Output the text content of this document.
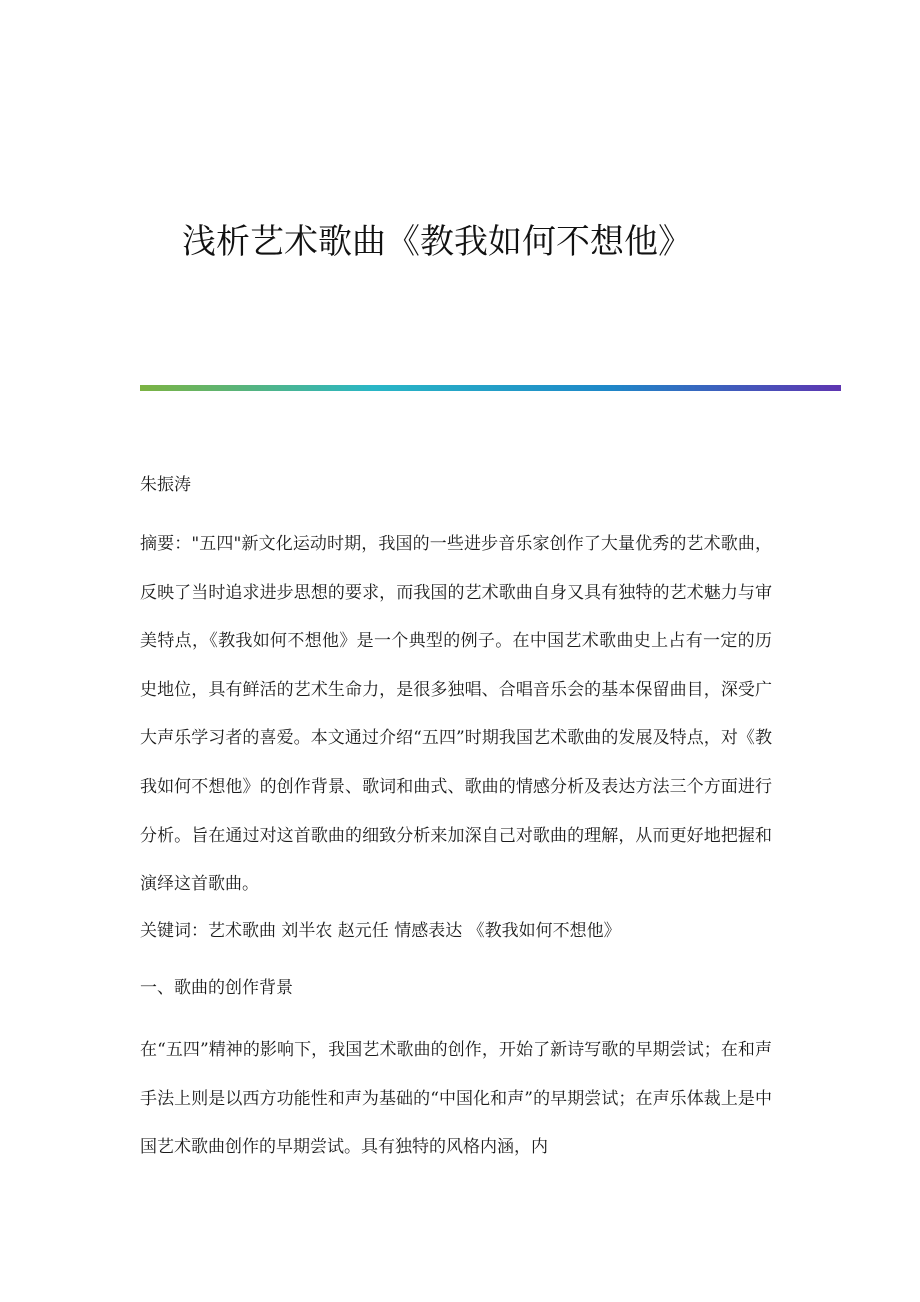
浅析艺术歌曲《教我如何不想他》
朱振涛
摘要："五四"新文化运动时期，我国的一些进步音乐家创作了大量优秀的艺术歌曲，反映了当时追求进步思想的要求，而我国的艺术歌曲自身又具有独特的艺术魅力与审美特点，《教我如何不想他》是一个典型的例子。在中国艺术歌曲史上占有一定的历史地位，具有鲜活的艺术生命力，是很多独唱、合唱音乐会的基本保留曲目，深受广大声乐学习者的喜爱。本文通过介绍“五四”时期我国艺术歌曲的发展及特点，对《教我如何不想他》的创作背景、歌词和曲式、歌曲的情感分析及表达方法三个方面进行分析。旨在通过对这首歌曲的细致分析来加深自己对歌曲的理解，从而更好地把握和演绎这首歌曲。
关键词：艺术歌曲 刘半农 赵元任 情感表达 《教我如何不想他》
一、歌曲的创作背景
在“五四”精神的影响下，我国艺术歌曲的创作，开始了新诗写歌的早期尝试；在和声手法上则是以西方功能性和声为基础的“中国化和声”的早期尝试；在声乐体裁上是中国艺术歌曲创作的早期尝试。具有独特的风格内涵，内
